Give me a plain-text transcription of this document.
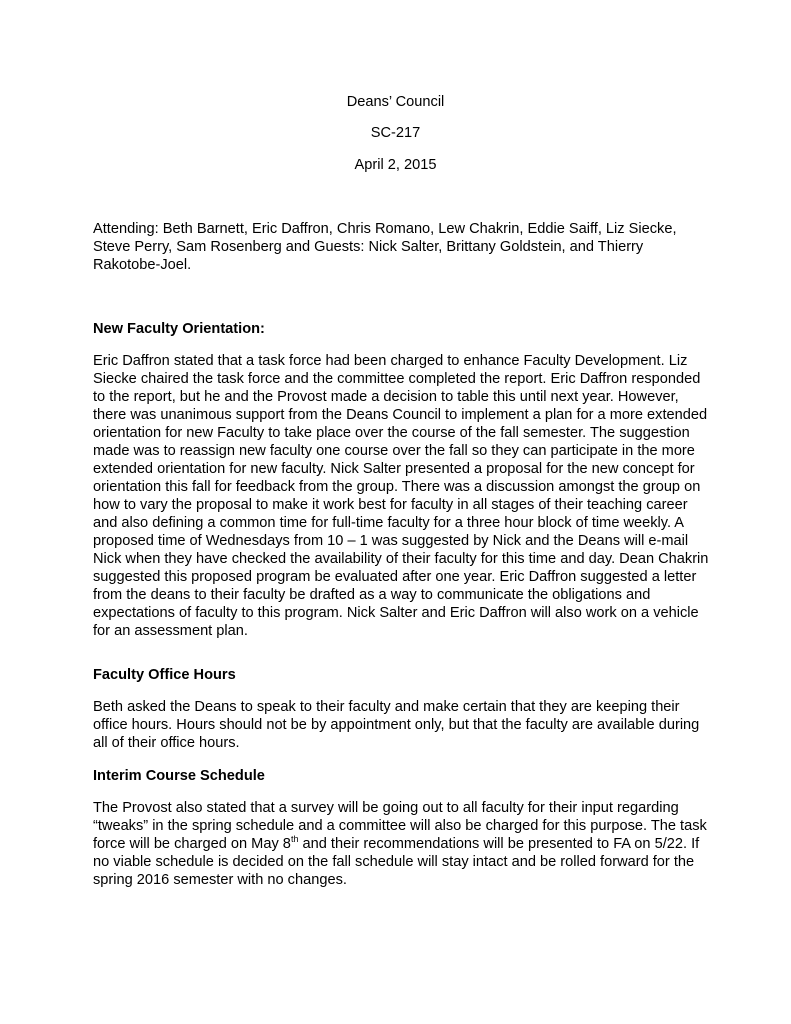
Deans’ Council
SC-217
April 2, 2015
Attending: Beth Barnett, Eric Daffron, Chris Romano, Lew Chakrin, Eddie Saiff, Liz Siecke,
Steve Perry, Sam Rosenberg and Guests: Nick Salter, Brittany Goldstein, and Thierry
Rakotobe-Joel.
New Faculty Orientation:
Eric Daffron stated that a task force had been charged to enhance Faculty Development. Liz
Siecke chaired the task force and the committee completed the report. Eric Daffron responded
to the report, but he and the Provost made a decision to table this until next year. However,
there was unanimous support from the Deans Council to implement a plan for a more extended
orientation for new Faculty to take place over the course of the fall semester. The suggestion
made was to reassign new faculty one course over the fall so they can participate in the more
extended orientation for new faculty. Nick Salter presented a proposal for the new concept for
orientation this fall for feedback from the group. There was a discussion amongst the group on
how to vary the proposal to make it work best for faculty in all stages of their teaching career
and also defining a common time for full-time faculty for a three hour block of time weekly. A
proposed time of Wednesdays from 10 – 1 was suggested by Nick and the Deans will e-mail
Nick when they have checked the availability of their faculty for this time and day. Dean Chakrin
suggested this proposed program be evaluated after one year. Eric Daffron suggested a letter
from the deans to their faculty be drafted as a way to communicate the obligations and
expectations of faculty to this program. Nick Salter and Eric Daffron will also work on a vehicle
for an assessment plan.
Faculty Office Hours
Beth asked the Deans to speak to their faculty and make certain that they are keeping their
office hours. Hours should not be by appointment only, but that the faculty are available during
all of their office hours.
Interim Course Schedule
The Provost also stated that a survey will be going out to all faculty for their input regarding
“tweaks” in the spring schedule and a committee will also be charged for this purpose. The task
force will be charged on May 8th and their recommendations will be presented to FA on 5/22. If
no viable schedule is decided on the fall schedule will stay intact and be rolled forward for the
spring 2016 semester with no changes.
